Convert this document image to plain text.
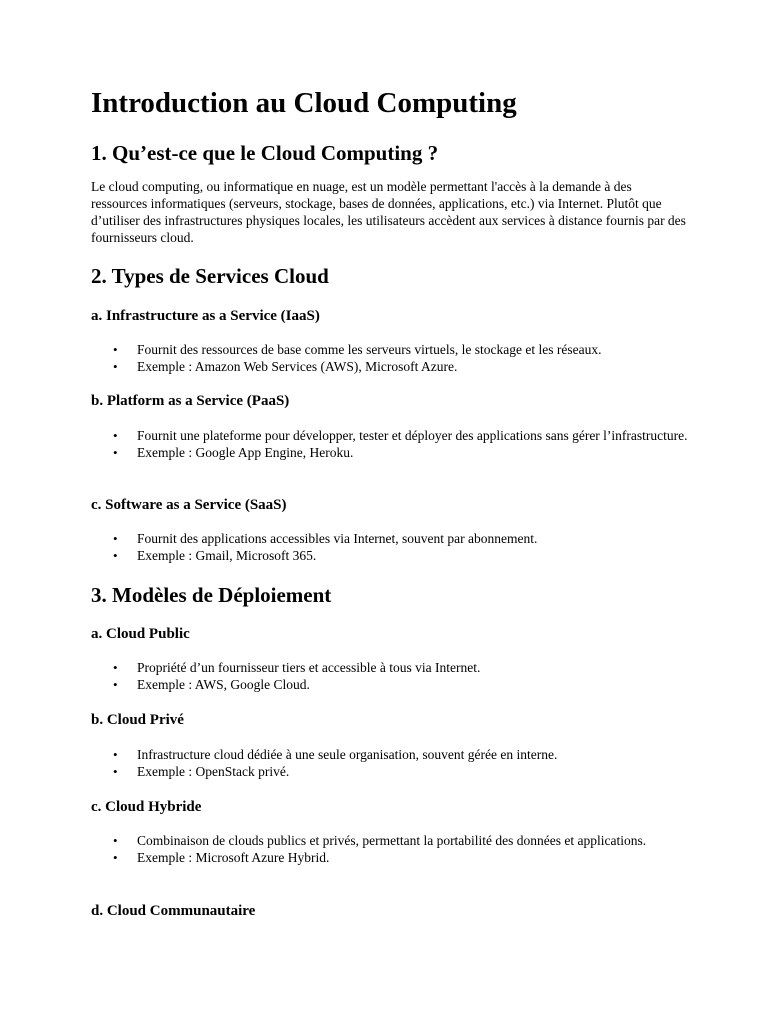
Introduction au Cloud Computing
1. Qu’est-ce que le Cloud Computing ?

Le cloud computing, ou informatique en nuage, est un modèle permettant l'accès à la demande à des ressources informatiques (serveurs, stockage, bases de données, applications, etc.) via Internet. Plutôt que d’utiliser des infrastructures physiques locales, les utilisateurs accèdent aux services à distance fournis par des fournisseurs cloud.

2. Types de Services Cloud
a. Infrastructure as a Service (IaaS)
• Fournit des ressources de base comme les serveurs virtuels, le stockage et les réseaux.
• Exemple : Amazon Web Services (AWS), Microsoft Azure.
b. Platform as a Service (PaaS)
• Fournit une plateforme pour développer, tester et déployer des applications sans gérer l’infrastructure.
• Exemple : Google App Engine, Heroku.
c. Software as a Service (SaaS)
• Fournit des applications accessibles via Internet, souvent par abonnement.
• Exemple : Gmail, Microsoft 365.
3. Modèles de Déploiement
a. Cloud Public
• Propriété d’un fournisseur tiers et accessible à tous via Internet.
• Exemple : AWS, Google Cloud.
b. Cloud Privé
• Infrastructure cloud dédiée à une seule organisation, souvent gérée en interne.
• Exemple : OpenStack privé.
c. Cloud Hybride
• Combinaison de clouds publics et privés, permettant la portabilité des données et applications.
• Exemple : Microsoft Azure Hybrid.
d. Cloud Communautaire
